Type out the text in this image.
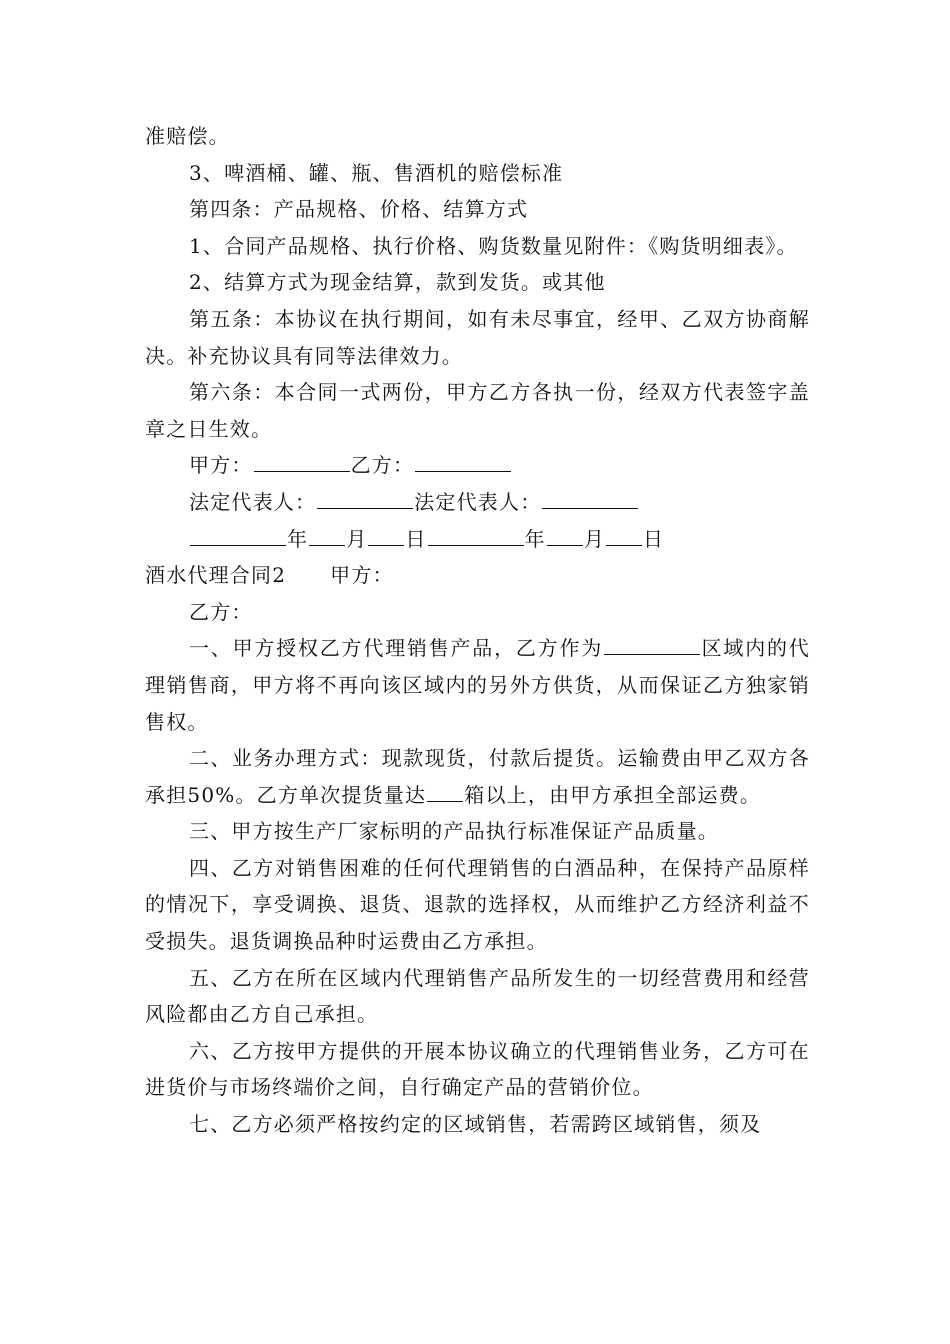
准赔偿。

3、啤酒桶、罐、瓶、售酒机的赔偿标准

第四条：产品规格、价格、结算方式

1、合同产品规格、执行价格、购货数量见附件：《购货明细表》。

2、结算方式为现金结算，款到发货。或其他

第五条：本协议在执行期间，如有未尽事宜，经甲、乙双方协商解决。补充协议具有同等法律效力。

第六条：本合同一式两份，甲方乙方各执一份，经双方代表签字盖章之日生效。

甲方：	乙方：

法定代表人：	法定代表人：

年 月 日	年 月 日

酒水代理合同2 甲方：

乙方：

一、甲方授权乙方代理销售产品，乙方作为	区域内的代理销售商，甲方将不再向该区域内的另外方供货，从而保证乙方独家销售权。

二、业务办理方式：现款现货，付款后提货。运输费由甲乙双方各承担50%。乙方单次提货量达 箱以上，由甲方承担全部运费。

三、甲方按生产厂家标明的产品执行标准保证产品质量。

四、乙方对销售困难的任何代理销售的白酒品种，在保持产品原样的情况下，享受调换、退货、退款的选择权，从而维护乙方经济利益不受损失。退货调换品种时运费由乙方承担。

五、乙方在所在区域内代理销售产品所发生的一切经营费用和经营风险都由乙方自己承担。

六、乙方按甲方提供的开展本协议确立的代理销售业务，乙方可在进货价与市场终端价之间，自行确定产品的营销价位。

七、乙方必须严格按约定的区域销售，若需跨区域销售，须及
